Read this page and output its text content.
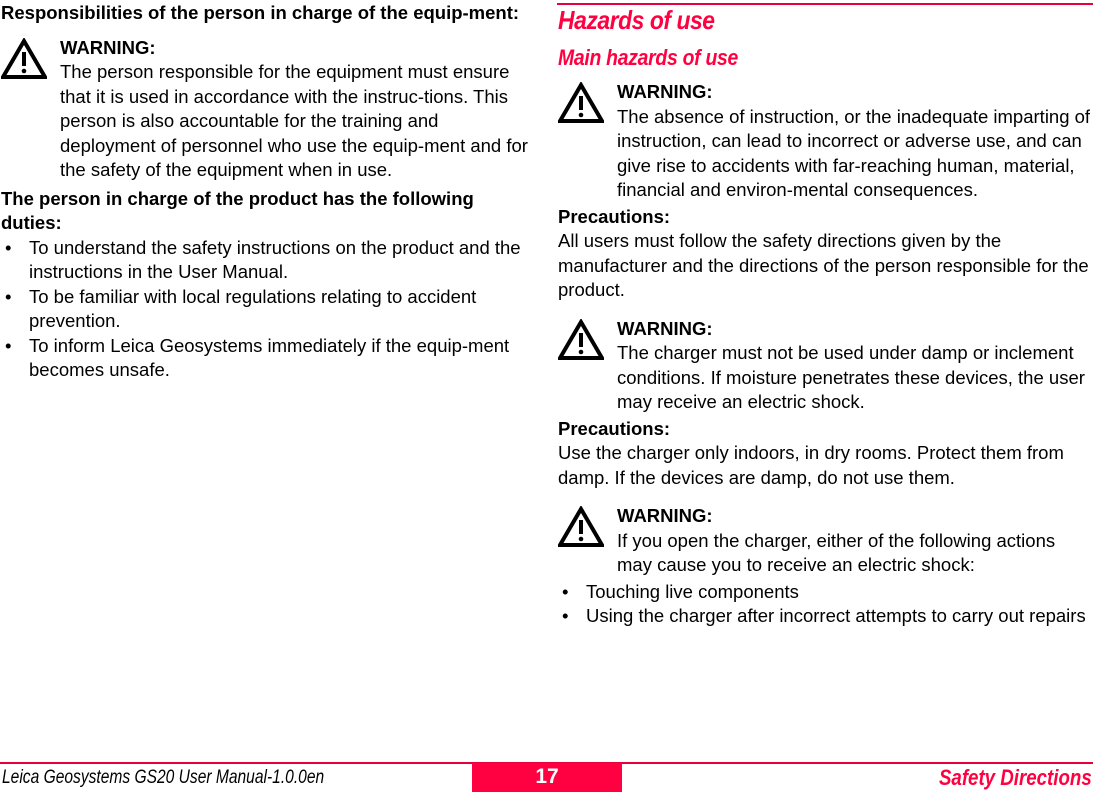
Responsibilities of the person in charge of the equip-ment:

WARNING:
The person responsible for the equipment must ensure that it is used in accordance with the instruc-tions. This person is also accountable for the training and deployment of personnel who use the equip-ment and for the safety of the equipment when in use.

The person in charge of the product has the following duties:

• To understand the safety instructions on the product and the instructions in the User Manual.
• To be familiar with local regulations relating to accident prevention.
• To inform Leica Geosystems immediately if the equip-ment becomes unsafe.
Hazards of use
Main hazards of use
WARNING:
The absence of instruction, or the inadequate imparting of instruction, can lead to incorrect or adverse use, and can give rise to accidents with far-reaching human, material, financial and environ-mental consequences.
Precautions:
All users must follow the safety directions given by the manufacturer and the directions of the person responsible for the product.
WARNING:
The charger must not be used under damp or inclement conditions. If moisture penetrates these devices, the user may receive an electric shock.
Precautions:
Use the charger only indoors, in dry rooms. Protect them from damp. If the devices are damp, do not use them.
WARNING:
If you open the charger, either of the following actions may cause you to receive an electric shock:
• Touching live components
• Using the charger after incorrect attempts to carry out repairs
Leica Geosystems GS20 User Manual-1.0.0en	17	Safety Directions
